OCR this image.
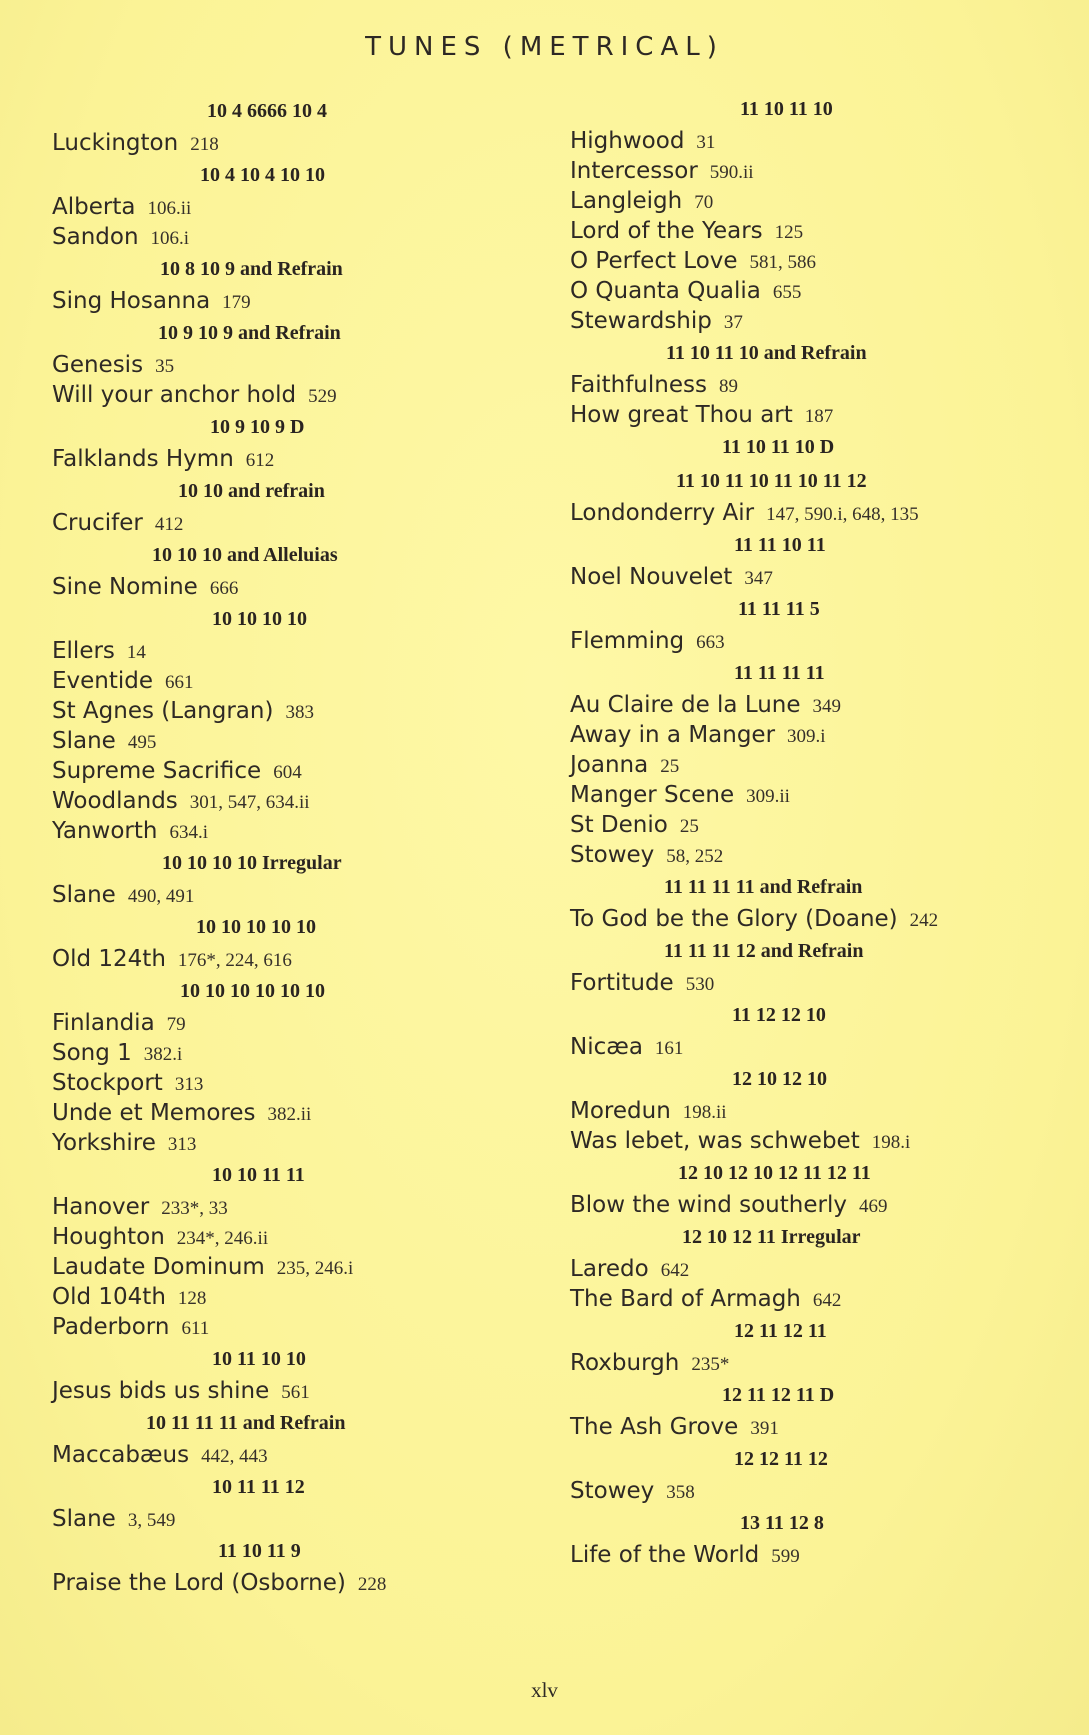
TUNES (METRICAL)
10 4 6666 10 4
Luckington 218
10 4 10 4 10 10
Alberta 106.ii
Sandon 106.i
10 8 10 9 and Refrain
Sing Hosanna 179
10 9 10 9 and Refrain
Genesis 35
Will your anchor hold 529
10 9 10 9 D
Falklands Hymn 612
10 10 and refrain
Crucifer 412
10 10 10 and Alleluias
Sine Nomine 666
10 10 10 10
Ellers 14
Eventide 661
St Agnes (Langran) 383
Slane 495
Supreme Sacrifice 604
Woodlands 301, 547, 634.ii
Yanworth 634.i
10 10 10 10 Irregular
Slane 490, 491
10 10 10 10 10
Old 124th 176*, 224, 616
10 10 10 10 10 10
Finlandia 79
Song 1 382.i
Stockport 313
Unde et Memores 382.ii
Yorkshire 313
10 10 11 11
Hanover 233*, 33
Houghton 234*, 246.ii
Laudate Dominum 235, 246.i
Old 104th 128
Paderborn 611
10 11 10 10
Jesus bids us shine 561
10 11 11 11 and Refrain
Maccabæus 442, 443
10 11 11 12
Slane 3, 549
11 10 11 9
Praise the Lord (Osborne) 228
11 10 11 10
Highwood 31
Intercessor 590.ii
Langleigh 70
Lord of the Years 125
O Perfect Love 581, 586
O Quanta Qualia 655
Stewardship 37
11 10 11 10 and Refrain
Faithfulness 89
How great Thou art 187
11 10 11 10 D
11 10 11 10 11 10 11 12
Londonderry Air 147, 590.i, 648, 135
11 11 10 11
Noel Nouvelet 347
11 11 11 5
Flemming 663
11 11 11 11
Au Claire de la Lune 349
Away in a Manger 309.i
Joanna 25
Manger Scene 309.ii
St Denio 25
Stowey 58, 252
11 11 11 11 and Refrain
To God be the Glory (Doane) 242
11 11 11 12 and Refrain
Fortitude 530
11 12 12 10
Nicæa 161
12 10 12 10
Moredun 198.ii
Was lebet, was schwebet 198.i
12 10 12 10 12 11 12 11
Blow the wind southerly 469
12 10 12 11 Irregular
Laredo 642
The Bard of Armagh 642
12 11 12 11
Roxburgh 235*
12 11 12 11 D
The Ash Grove 391
12 12 11 12
Stowey 358
13 11 12 8
Life of the World 599
xlv
